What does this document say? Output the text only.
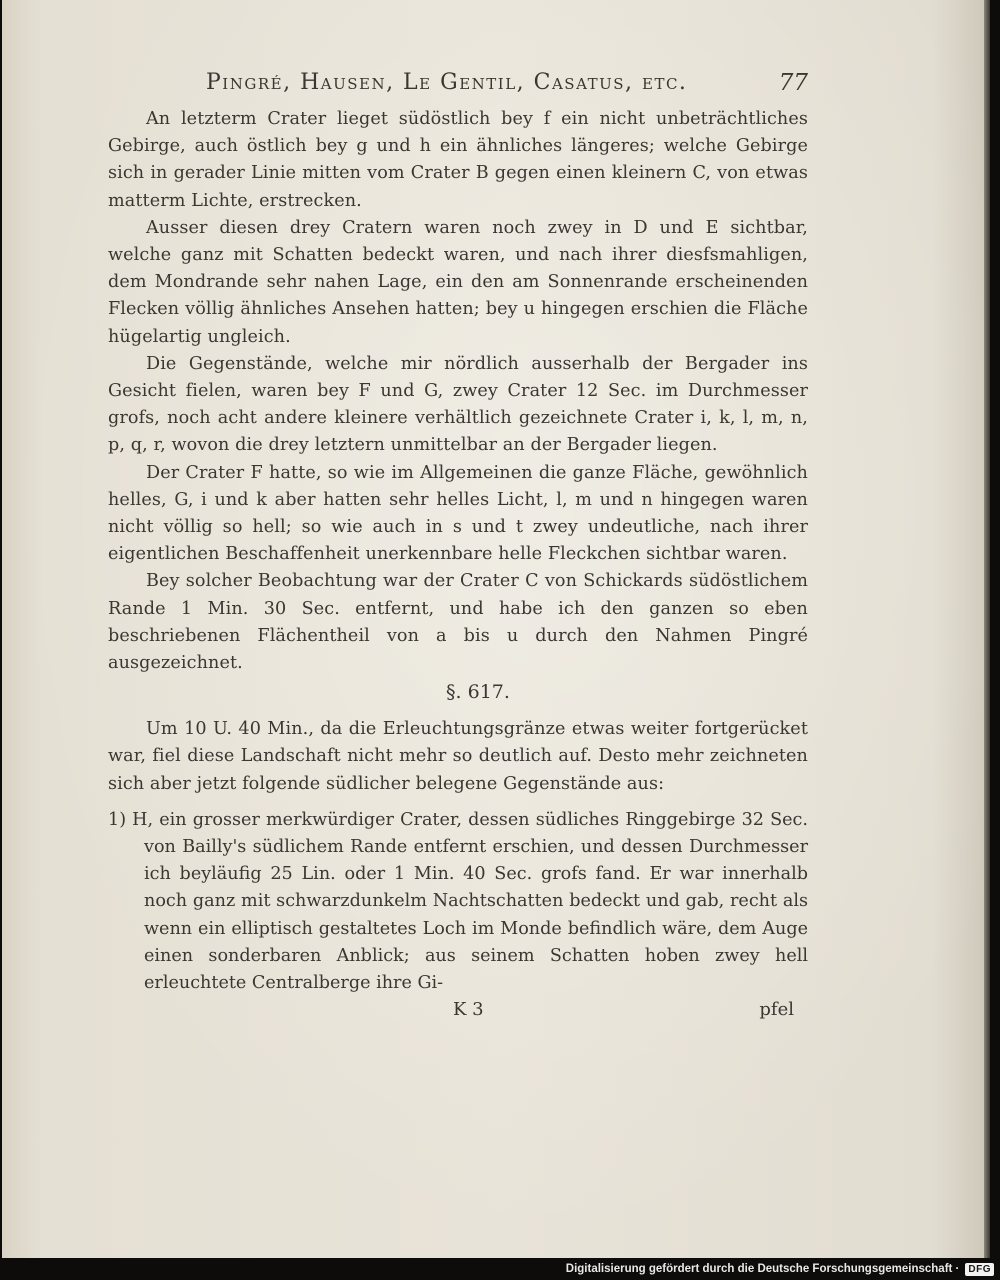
Pingré, Hausen, Le Gentil, Casatus, etc.	77

An letzterm Crater lieget südöstlich bey f ein nicht unbeträchtliches Gebirge, auch östlich bey g und h ein ähnliches längeres; welche Gebirge sich in gerader Linie mitten vom Crater B gegen einen kleinern C, von etwas matterm Lichte, erstrecken.

Ausser diesen drey Cratern waren noch zwey in D und E sichtbar, welche ganz mit Schatten bedeckt waren, und nach ihrer diesfsmahligen, dem Mondrande sehr nahen Lage, ein den am Sonnenrande erscheinenden Flecken völlig ähnliches Ansehen hatten; bey u hingegen erschien die Fläche hügelartig ungleich.

Die Gegenstände, welche mir nördlich ausserhalb der Bergader ins Gesicht fielen, waren bey F und G, zwey Crater 12 Sec. im Durchmesser grofs, noch acht andere kleinere verhältlich gezeichnete Crater i, k, l, m, n, p, q, r, wovon die drey letztern unmittelbar an der Bergader liegen.

Der Crater F hatte, so wie im Allgemeinen die ganze Fläche, gewöhnlich helles, G, i und k aber hatten sehr helles Licht, l, m und n hingegen waren nicht völlig so hell; so wie auch in s und t zwey undeutliche, nach ihrer eigentlichen Beschaffenheit unerkennbare helle Fleckchen sichtbar waren.

Bey solcher Beobachtung war der Crater C von Schickards südöstlichem Rande 1 Min. 30 Sec. entfernt, und habe ich den ganzen so eben beschriebenen Flächentheil von a bis u durch den Nahmen Pingré ausgezeichnet.

§. 617.

Um 10 U. 40 Min., da die Erleuchtungsgränze etwas weiter fortgerücket war, fiel diese Landschaft nicht mehr so deutlich auf. Desto mehr zeichneten sich aber jetzt folgende südlicher belegene Gegenstände aus:

1) H, ein grosser merkwürdiger Crater, dessen südliches Ringgebirge 32 Sec. von Bailly's südlichem Rande entfernt erschien, und dessen Durchmesser ich beyläufig 25 Lin. oder 1 Min. 40 Sec. grofs fand. Er war innerhalb noch ganz mit schwarzdunkelm Nachtschatten bedeckt und gab, recht als wenn ein elliptisch gestaltetes Loch im Monde befindlich wäre, dem Auge einen sonderbaren Anblick; aus seinem Schatten hoben zwey hell erleuchtete Centralberge ihre Gi-

K 3	pfel
Digitalisierung gefördert durch die Deutsche Forschungsgemeinschaft · DFG
